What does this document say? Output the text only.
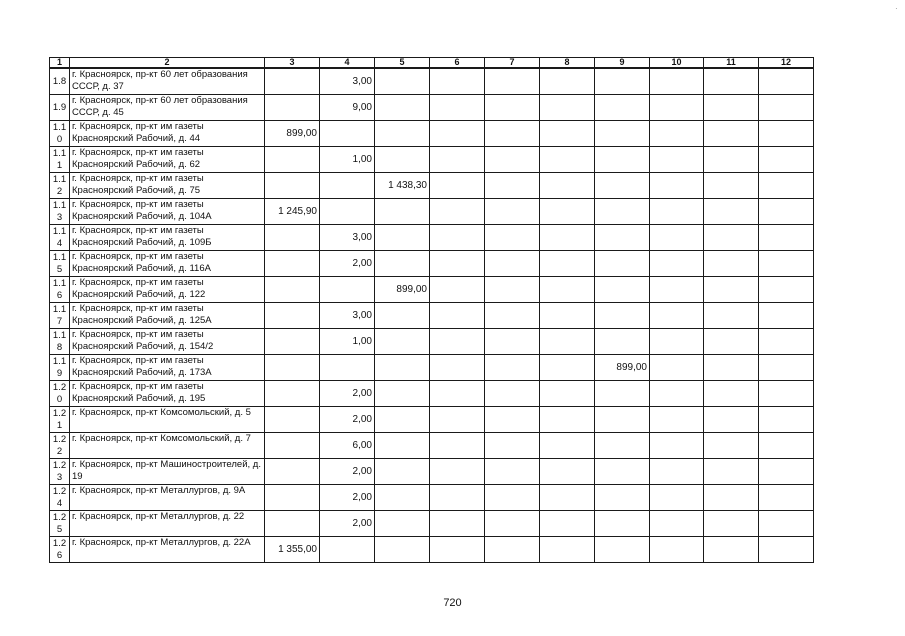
1	2	3	4	5	6	7	8	9	10	11	12
1.8	г. Красноярск, пр-кт 60 лет образования СССР, д. 37		3,00								
1.9	г. Красноярск, пр-кт 60 лет образования СССР, д. 45		9,00								
1.1 0	г. Красноярск, пр-кт им газеты Красноярский Рабочий, д. 44	899,00									
1.1 1	г. Красноярск, пр-кт им газеты Красноярский Рабочий, д. 62		1,00								
1.1 2	г. Красноярск, пр-кт им газеты Красноярский Рабочий, д. 75			1 438,30							
1.1 3	г. Красноярск, пр-кт им газеты Красноярский Рабочий, д. 104А	1 245,90									
1.1 4	г. Красноярск, пр-кт им газеты Красноярский Рабочий, д. 109Б		3,00								
1.1 5	г. Красноярск, пр-кт им газеты Красноярский Рабочий, д. 116А		2,00								
1.1 6	г. Красноярск, пр-кт им газеты Красноярский Рабочий, д. 122			899,00							
1.1 7	г. Красноярск, пр-кт им газеты Красноярский Рабочий, д. 125А		3,00								
1.1 8	г. Красноярск, пр-кт им газеты Красноярский Рабочий, д. 154/2		1,00								
1.1 9	г. Красноярск, пр-кт им газеты Красноярский Рабочий, д. 173А							899,00			
1.2 0	г. Красноярск, пр-кт им газеты Красноярский Рабочий, д. 195		2,00								
1.2 1	г. Красноярск, пр-кт Комсомольский, д. 5		2,00								
1.2 2	г. Красноярск, пр-кт Комсомольский, д. 7		6,00								
1.2 3	г. Красноярск, пр-кт Машиностроителей, д. 19		2,00								
1.2 4	г. Красноярск, пр-кт Металлургов, д. 9А		2,00								
1.2 5	г. Красноярск, пр-кт Металлургов, д. 22		2,00								
1.2 6	г. Красноярск, пр-кт Металлургов, д. 22А	1 355,00									
720
·
